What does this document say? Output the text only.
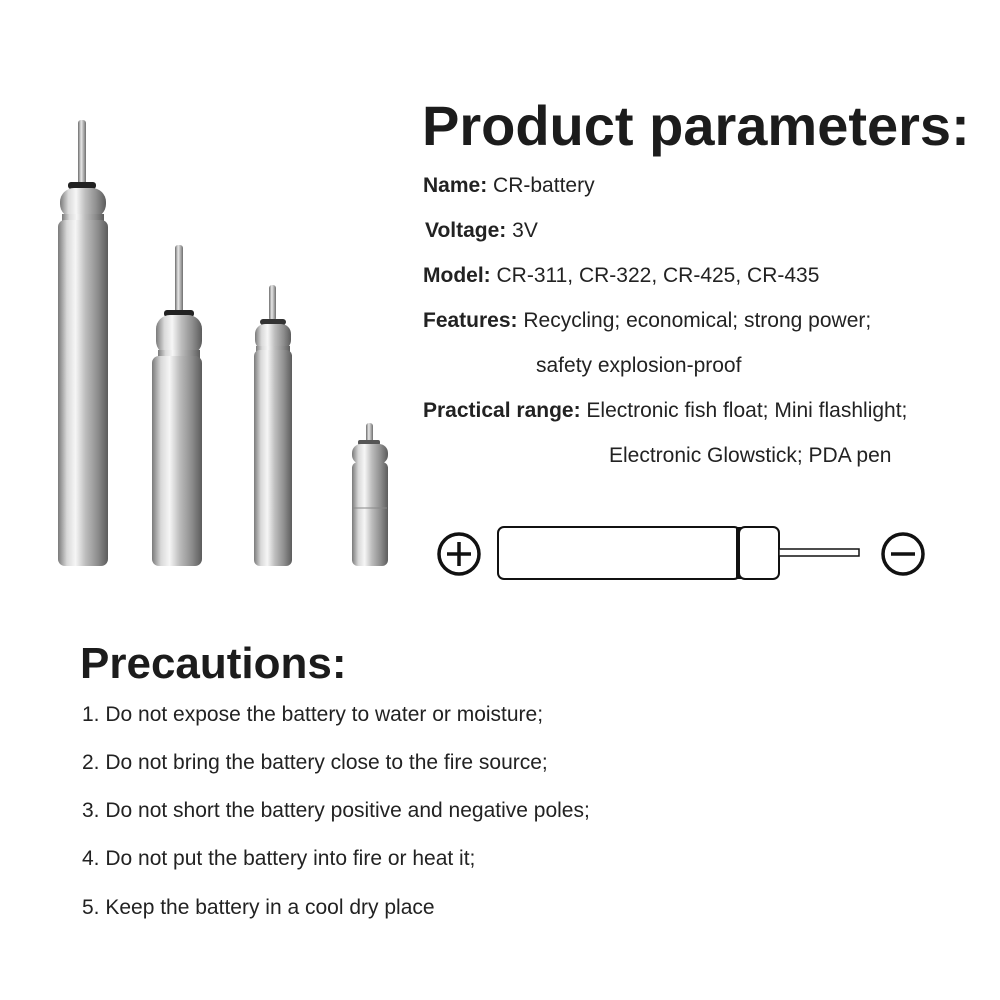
Product parameters:
Name: CR-battery
Voltage: 3V
Model: CR-311, CR-322, CR-425, CR-435
Features: Recycling; economical; strong power;
safety explosion-proof
Practical range: Electronic fish float; Mini flashlight;
Electronic Glowstick; PDA pen
Precautions:
1. Do not expose the battery to water or moisture;
2. Do not bring the battery close to the fire source;
3. Do not short the battery positive and negative poles;
4. Do not put the battery into fire or heat it;
5. Keep the battery in a cool dry place
